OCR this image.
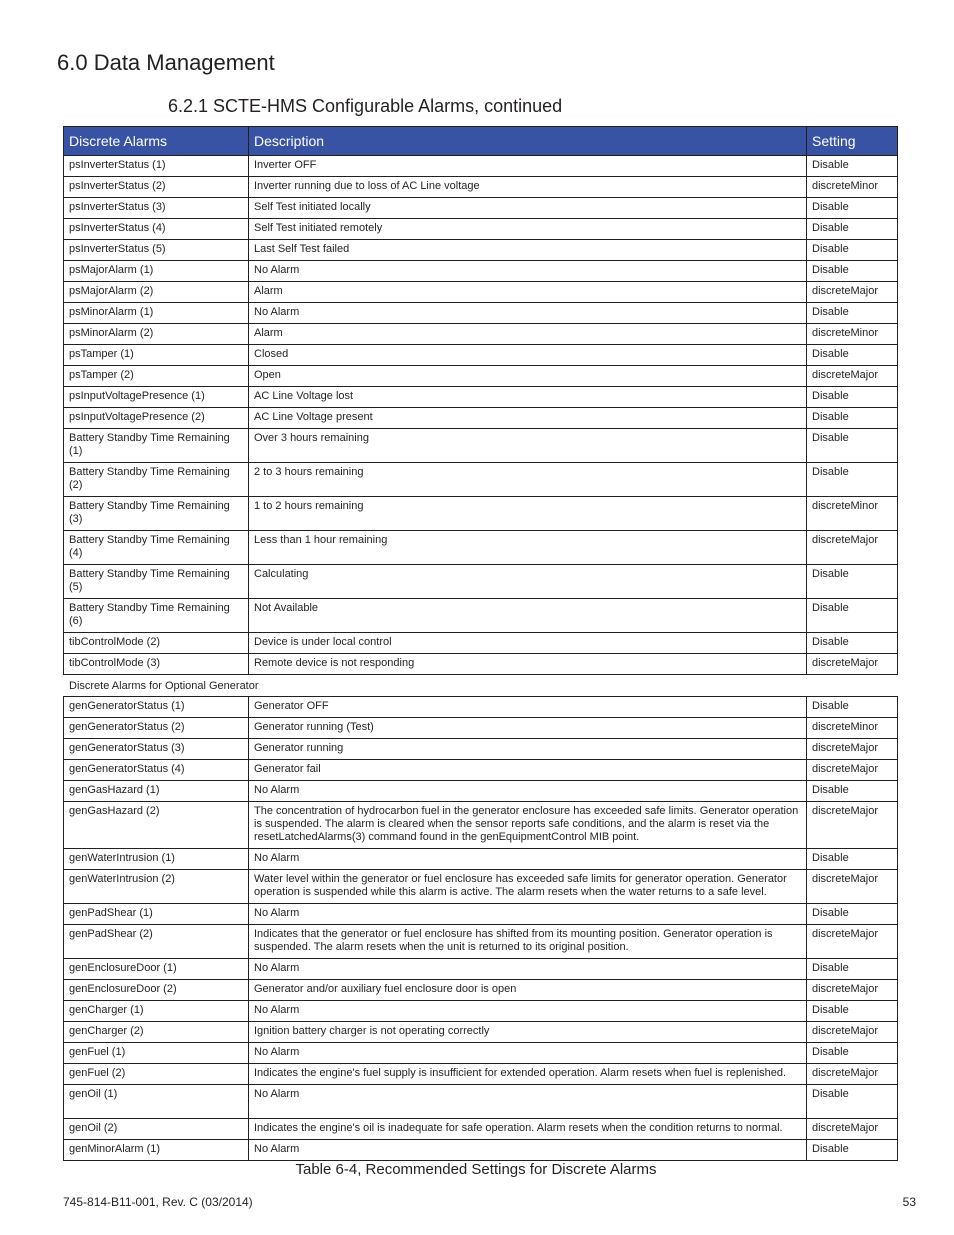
6.0 Data Management
6.2.1 SCTE-HMS Configurable Alarms, continued
Discrete Alarms	Description	Setting
psInverterStatus (1)	Inverter OFF	Disable
psInverterStatus (2)	Inverter running due to loss of AC Line voltage	discreteMinor
psInverterStatus (3)	Self Test initiated locally	Disable
psInverterStatus (4)	Self Test initiated remotely	Disable
psInverterStatus (5)	Last Self Test failed	Disable
psMajorAlarm (1)	No Alarm	Disable
psMajorAlarm (2)	Alarm	discreteMajor
psMinorAlarm (1)	No Alarm	Disable
psMinorAlarm (2)	Alarm	discreteMinor
psTamper (1)	Closed	Disable
psTamper (2)	Open	discreteMajor
psInputVoltagePresence (1)	AC Line Voltage lost	Disable
psInputVoltagePresence (2)	AC Line Voltage present	Disable
Battery Standby Time Remaining (1)	Over 3 hours remaining	Disable
Battery Standby Time Remaining (2)	2 to 3 hours remaining	Disable
Battery Standby Time Remaining (3)	1 to 2 hours remaining	discreteMinor
Battery Standby Time Remaining (4)	Less than 1 hour remaining	discreteMajor
Battery Standby Time Remaining (5)	Calculating	Disable
Battery Standby Time Remaining (6)	Not Available	Disable
tibControlMode (2)	Device is under local control	Disable
tibControlMode (3)	Remote device is not responding	discreteMajor
Discrete Alarms for Optional Generator
genGeneratorStatus (1)	Generator OFF	Disable
genGeneratorStatus (2)	Generator running (Test)	discreteMinor
genGeneratorStatus (3)	Generator running	discreteMajor
genGeneratorStatus (4)	Generator fail	discreteMajor
genGasHazard (1)	No Alarm	Disable
genGasHazard (2)	The concentration of hydrocarbon fuel in the generator enclosure has exceeded safe limits. Generator operation is suspended. The alarm is cleared when the sensor reports safe conditions, and the alarm is reset via the resetLatchedAlarms(3) command found in the genEquipmentControl MIB point.	discreteMajor
genWaterIntrusion (1)	No Alarm	Disable
genWaterIntrusion (2)	Water level within the generator or fuel enclosure has exceeded safe limits for generator operation. Generator operation is suspended while this alarm is active. The alarm resets when the water returns to a safe level.	discreteMajor
genPadShear (1)	No Alarm	Disable
genPadShear (2)	Indicates that the generator or fuel enclosure has shifted from its mounting position. Generator operation is suspended. The alarm resets when the unit is returned to its original position.	discreteMajor
genEnclosureDoor (1)	No Alarm	Disable
genEnclosureDoor (2)	Generator and/or auxiliary fuel enclosure door is open	discreteMajor
genCharger (1)	No Alarm	Disable
genCharger (2)	Ignition battery charger is not operating correctly	discreteMajor
genFuel (1)	No Alarm	Disable
genFuel (2)	Indicates the engine's fuel supply is insufficient for extended operation. Alarm resets when fuel is replenished.	discreteMajor
genOil (1)	No Alarm	Disable
genOil (2)	Indicates the engine's oil is inadequate for safe operation. Alarm resets when the condition returns to normal.	discreteMajor
genMinorAlarm (1)	No Alarm	Disable
Table 6-4, Recommended Settings for Discrete Alarms
745-814-B11-001, Rev. C (03/2014)	53
